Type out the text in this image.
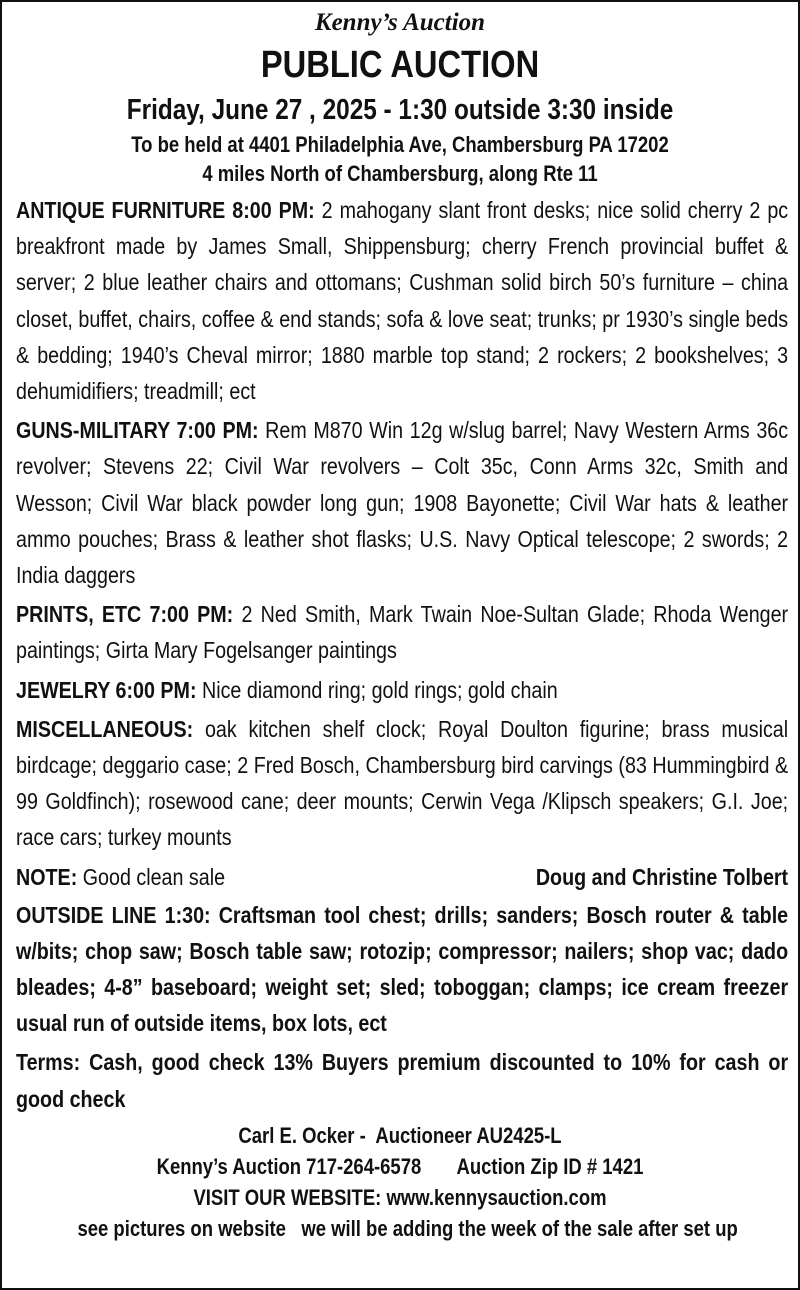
Kenny’s Auction

PUBLIC AUCTION

Friday, June 27 , 2025 - 1:30 outside 3:30 inside

To be held at 4401 Philadelphia Ave, Chambersburg PA 17202

4 miles North of Chambersburg, along Rte 11

ANTIQUE FURNITURE 8:00 PM: 2 mahogany slant front desks; nice solid cherry 2 pc breakfront made by James Small, Shippensburg; cherry French provincial buffet & server; 2 blue leather chairs and ottomans; Cushman solid birch 50’s furniture – china closet, buffet, chairs, coffee & end stands; sofa & love seat; trunks; pr 1930’s single beds & bedding; 1940’s Cheval mirror; 1880 marble top stand; 2 rockers; 2 bookshelves; 3 dehumidifiers; treadmill; ect

GUNS-MILITARY 7:00 PM: Rem M870 Win 12g w/slug barrel; Navy Western Arms 36c revolver; Stevens 22; Civil War revolvers – Colt 35c, Conn Arms 32c, Smith and Wesson; Civil War black powder long gun; 1908 Bayonette; Civil War hats & leather ammo pouches; Brass & leather shot flasks; U.S. Navy Optical telescope; 2 swords; 2 India daggers

PRINTS, ETC 7:00 PM: 2 Ned Smith, Mark Twain Noe-Sultan Glade; Rhoda Wenger paintings; Girta Mary Fogelsanger paintings

JEWELRY 6:00 PM: Nice diamond ring; gold rings; gold chain

MISCELLANEOUS: oak kitchen shelf clock; Royal Doulton figurine; brass musical birdcage; deggario case; 2 Fred Bosch, Chambersburg bird carvings (83 Hummingbird & 99 Goldfinch); rosewood cane; deer mounts; Cerwin Vega /Klipsch speakers; G.I. Joe; race cars; turkey mounts

NOTE: Good clean sale	Doug and Christine Tolbert

OUTSIDE LINE 1:30: Craftsman tool chest; drills; sanders; Bosch router & table w/bits; chop saw; Bosch table saw; rotozip; compressor; nailers; shop vac; dado bleades; 4-8” baseboard; weight set; sled; toboggan; clamps; ice cream freezer usual run of outside items, box lots, ect

Terms: Cash, good check 13% Buyers premium discounted to 10% for cash or good check

Carl E. Ocker -  Auctioneer AU2425-L

Kenny’s Auction 717-264-6578       Auction Zip ID # 1421

VISIT OUR WEBSITE: www.kennysauction.com

see pictures on website   we will be adding the week of the sale after set up
